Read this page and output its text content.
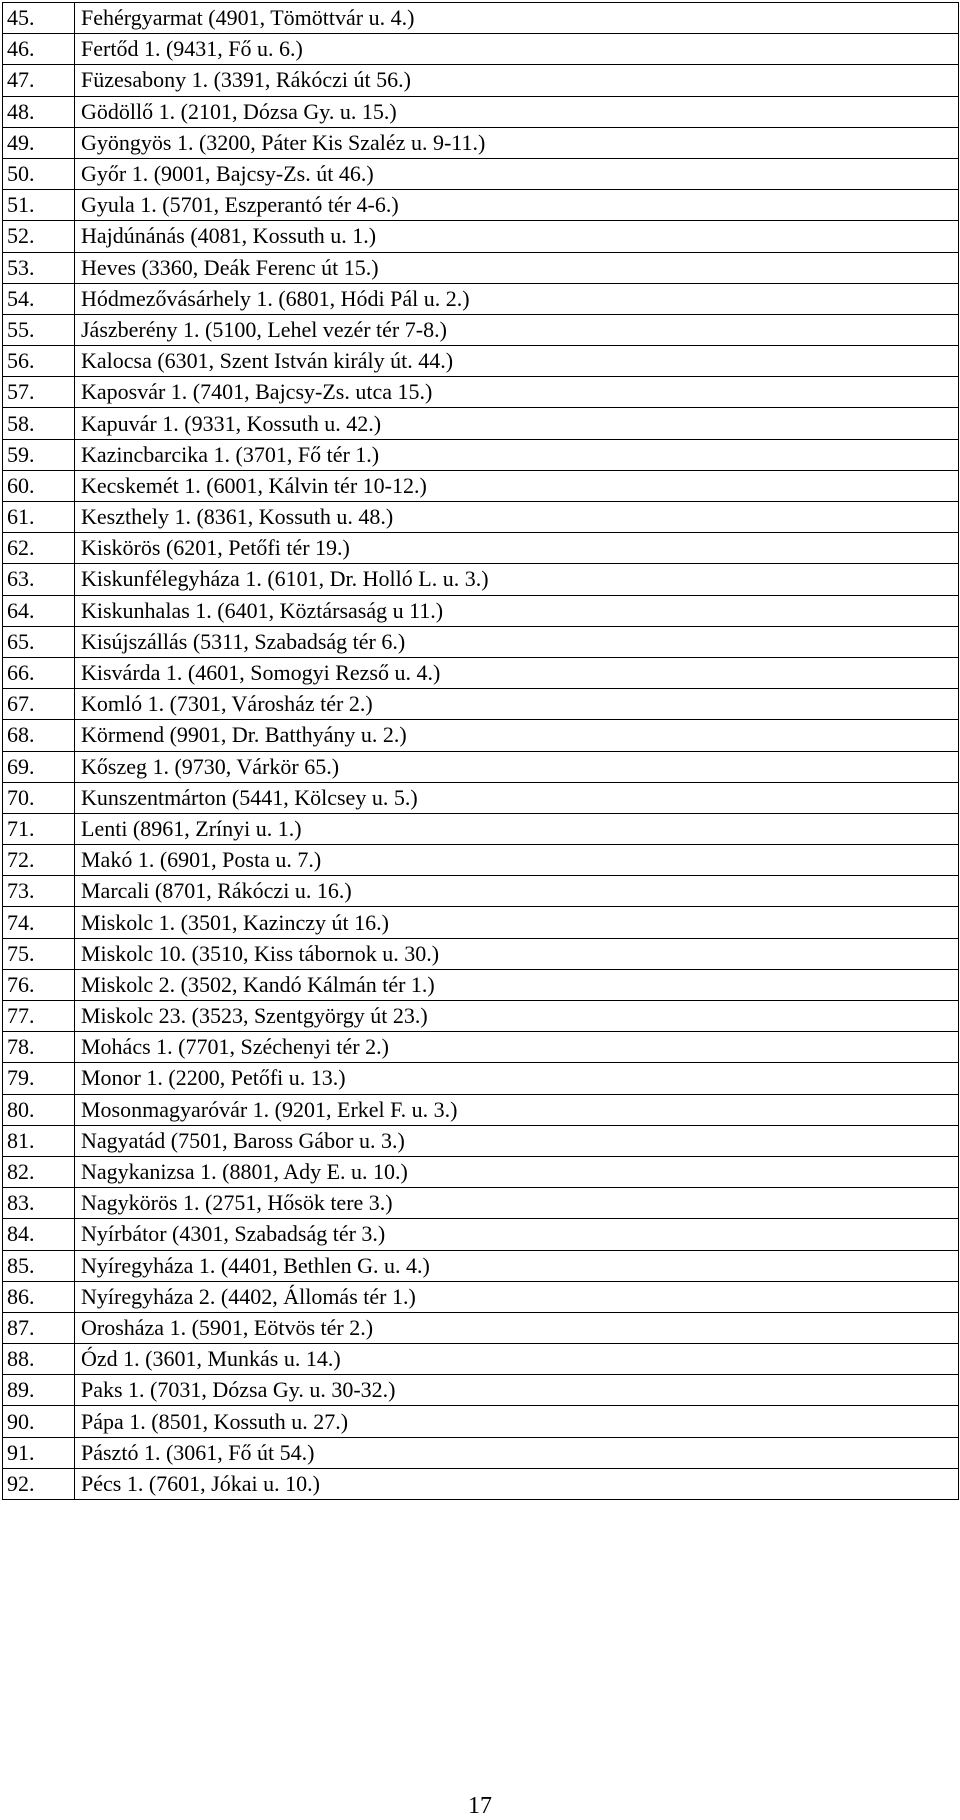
45.	Fehérgyarmat (4901, Tömöttvár u. 4.)
46.	Fertőd 1. (9431, Fő u. 6.)
47.	Füzesabony 1. (3391, Rákóczi út 56.)
48.	Gödöllő 1. (2101, Dózsa Gy. u. 15.)
49.	Gyöngyös 1. (3200, Páter Kis Szaléz u. 9-11.)
50.	Győr 1. (9001, Bajcsy-Zs. út 46.)
51.	Gyula 1. (5701, Eszperantó tér 4-6.)
52.	Hajdúnánás (4081, Kossuth u. 1.)
53.	Heves (3360, Deák Ferenc út 15.)
54.	Hódmezővásárhely 1. (6801, Hódi Pál u. 2.)
55.	Jászberény 1. (5100, Lehel vezér tér 7-8.)
56.	Kalocsa (6301, Szent István király út. 44.)
57.	Kaposvár 1. (7401, Bajcsy-Zs. utca 15.)
58.	Kapuvár 1. (9331, Kossuth u. 42.)
59.	Kazincbarcika 1. (3701, Fő tér 1.)
60.	Kecskemét 1. (6001, Kálvin tér 10-12.)
61.	Keszthely 1. (8361, Kossuth u. 48.)
62.	Kiskörös (6201, Petőfi tér 19.)
63.	Kiskunfélegyháza 1. (6101, Dr. Holló L. u. 3.)
64.	Kiskunhalas 1. (6401, Köztársaság u 11.)
65.	Kisújszállás (5311, Szabadság tér 6.)
66.	Kisvárda 1. (4601, Somogyi Rezső u. 4.)
67.	Komló 1. (7301, Városház tér 2.)
68.	Körmend (9901, Dr. Batthyány u. 2.)
69.	Kőszeg 1. (9730, Várkör 65.)
70.	Kunszentmárton (5441, Kölcsey u. 5.)
71.	Lenti (8961, Zrínyi u. 1.)
72.	Makó 1. (6901, Posta u. 7.)
73.	Marcali (8701, Rákóczi u. 16.)
74.	Miskolc 1. (3501, Kazinczy út 16.)
75.	Miskolc 10. (3510, Kiss tábornok u. 30.)
76.	Miskolc 2. (3502, Kandó Kálmán tér 1.)
77.	Miskolc 23. (3523, Szentgyörgy út 23.)
78.	Mohács 1. (7701, Széchenyi tér 2.)
79.	Monor 1. (2200, Petőfi u. 13.)
80.	Mosonmagyaróvár 1. (9201, Erkel F. u. 3.)
81.	Nagyatád (7501, Baross Gábor u. 3.)
82.	Nagykanizsa 1. (8801, Ady E. u. 10.)
83.	Nagykörös 1. (2751, Hősök tere 3.)
84.	Nyírbátor (4301, Szabadság tér 3.)
85.	Nyíregyháza 1. (4401, Bethlen G. u. 4.)
86.	Nyíregyháza 2. (4402, Állomás tér 1.)
87.	Orosháza 1. (5901, Eötvös tér 2.)
88.	Ózd 1. (3601, Munkás u. 14.)
89.	Paks 1. (7031, Dózsa Gy. u. 30-32.)
90.	Pápa 1. (8501, Kossuth u. 27.)
91.	Pásztó 1. (3061, Fő út 54.)
92.	Pécs 1. (7601, Jókai u. 10.)
17
